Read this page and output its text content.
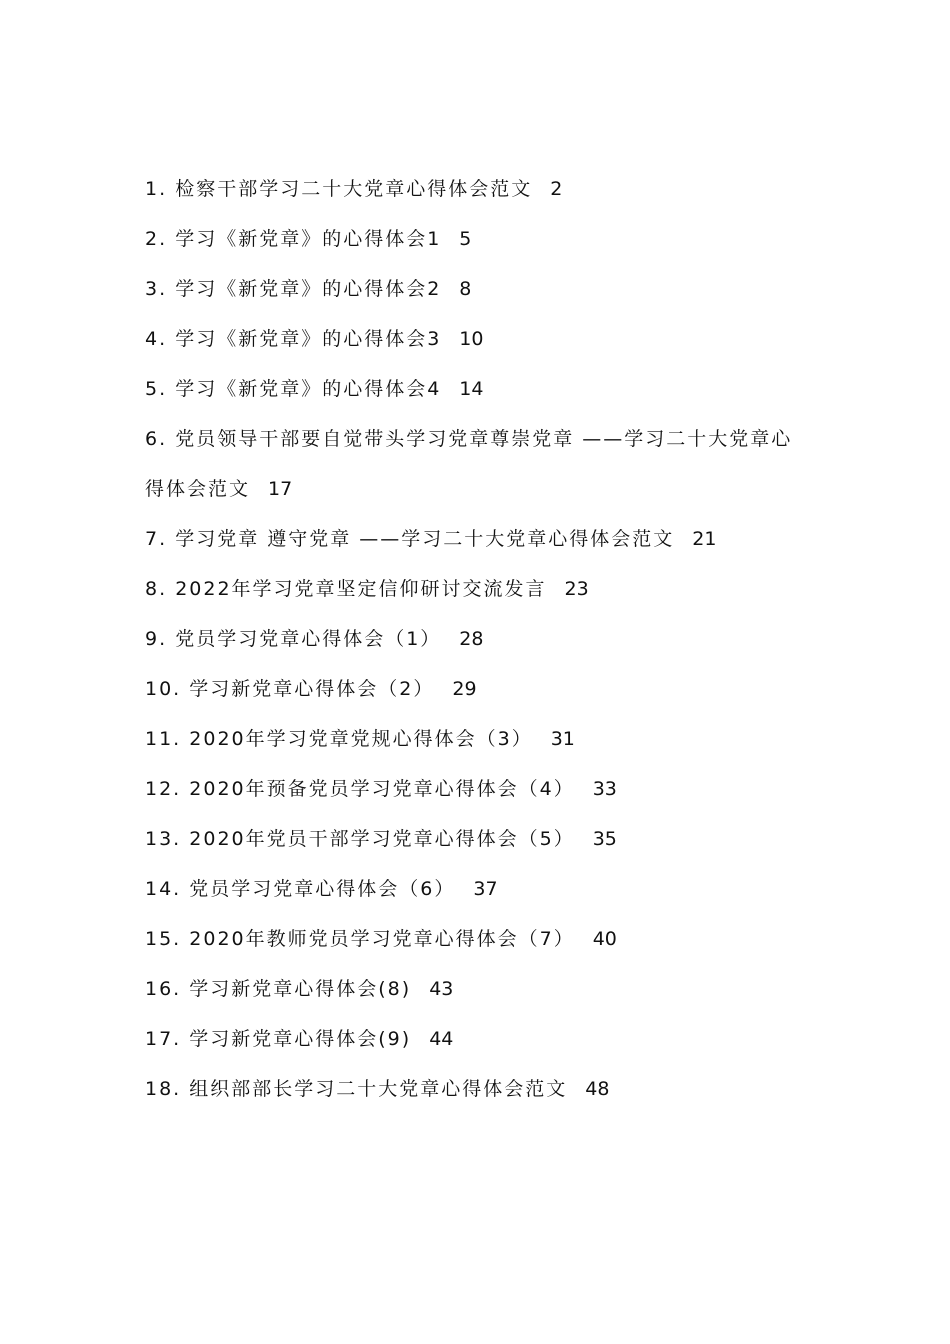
1. 检察干部学习二十大党章心得体会范文 2
2. 学习《新党章》的心得体会1 5
3. 学习《新党章》的心得体会2 8
4. 学习《新党章》的心得体会3 10
5. 学习《新党章》的心得体会4 14
6. 党员领导干部要自觉带头学习党章尊崇党章 ——学习二十大党章心得体会范文 17
7. 学习党章 遵守党章 ——学习二十大党章心得体会范文 21
8. 2022年学习党章坚定信仰研讨交流发言 23
9. 党员学习党章心得体会（1） 28
10. 学习新党章心得体会（2） 29
11. 2020年学习党章党规心得体会（3） 31
12. 2020年预备党员学习党章心得体会（4） 33
13. 2020年党员干部学习党章心得体会（5） 35
14. 党员学习党章心得体会（6） 37
15. 2020年教师党员学习党章心得体会（7） 40
16. 学习新党章心得体会(8) 43
17. 学习新党章心得体会(9) 44
18. 组织部部长学习二十大党章心得体会范文 48
